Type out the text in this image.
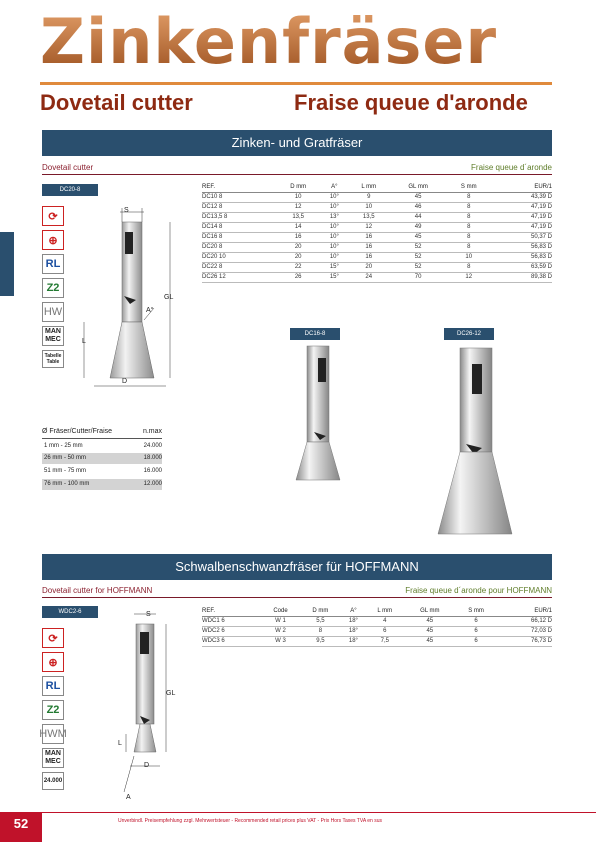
Zinkenfräser
Dovetail cutter	Fraise queue d'aronde
Zinken- und Gratfräser
Dovetail cutter	Fraise queue d´aronde
DC20-8
⟳
⊕
RL
Z2
HW
MAN
MEC
Tabelle
Table
S
GL
L
D
A°
REF.	D mm	A°	L mm	GL mm	S mm	EUR/1
DC10 8	10	10°	9	45	8	43,39 D
DC12 8	12	10°	10	46	8	47,19 D
DC13,5 8	13,5	13°	13,5	44	8	47,19 D
DC14 8	14	10°	12	49	8	47,19 D
DC16 8	16	10°	16	45	8	50,37 D
DC20 8	20	10°	16	52	8	56,83 D
DC20 10	20	10°	16	52	10	56,83 D
DC22 8	22	15°	20	52	8	63,59 D
DC26 12	26	15°	24	70	12	89,38 D
Ø Fräser/Cutter/Fraise	n.max
1 mm - 25 mm	24.000
26 mm - 50 mm	18.000
51 mm - 75 mm	16.000
76 mm - 100 mm	12.000
DC16-8	DC26-12
Schwalbenschwanzfräser für HOFFMANN
Dovetail cutter for HOFFMANN	Fraise queue d´aronde pour HOFFMANN
WDC2-6
⟳
⊕
RL
Z2
HWM
MAN
MEC
24.000
S
GL
L
D
A
REF.	Code	D mm	A°	L mm	GL mm	S mm	EUR/1
WDC1 6	W 1	5,5	18°	4	45	6	66,12 D
WDC2 6	W 2	8	18°	6	45	6	72,03 D
WDC3 6	W 3	9,5	18°	7,5	45	6	76,73 D
52	Unverbindl. Preisempfehlung zzgl. Mehrwertsteuer - Recommended retail prices plus VAT - Prix Hors Taxes TVA en sus
